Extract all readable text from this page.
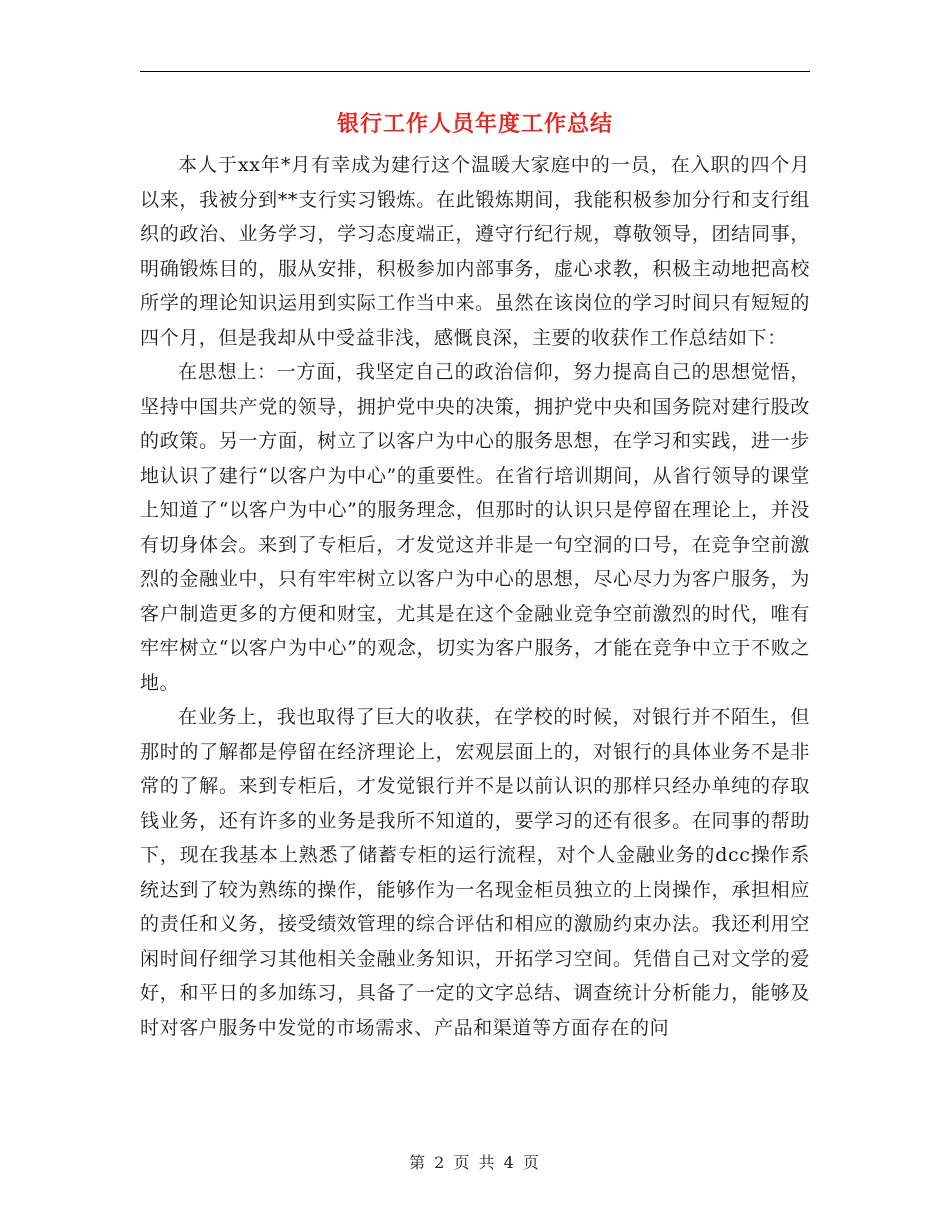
银行工作人员年度工作总结

本人于xx年*月有幸成为建行这个温暖大家庭中的一员，在入职的四个月以来，我被分到**支行实习锻炼。在此锻炼期间，我能积极参加分行和支行组织的政治、业务学习，学习态度端正，遵守行纪行规，尊敬领导，团结同事，明确锻炼目的，服从安排，积极参加内部事务，虚心求教，积极主动地把高校所学的理论知识运用到实际工作当中来。虽然在该岗位的学习时间只有短短的四个月，但是我却从中受益非浅，感慨良深，主要的收获作工作总结如下：

在思想上：一方面，我坚定自己的政治信仰，努力提高自己的思想觉悟，坚持中国共产党的领导，拥护党中央的决策，拥护党中央和国务院对建行股改的政策。另一方面，树立了以客户为中心的服务思想，在学习和实践，进一步地认识了建行“以客户为中心”的重要性。在省行培训期间，从省行领导的课堂上知道了“以客户为中心”的服务理念，但那时的认识只是停留在理论上，并没有切身体会。来到了专柜后，才发觉这并非是一句空洞的口号，在竞争空前激烈的金融业中，只有牢牢树立以客户为中心的思想，尽心尽力为客户服务，为客户制造更多的方便和财宝，尤其是在这个金融业竞争空前激烈的时代，唯有牢牢树立“以客户为中心”的观念，切实为客户服务，才能在竞争中立于不败之地。

在业务上，我也取得了巨大的收获，在学校的时候，对银行并不陌生，但那时的了解都是停留在经济理论上，宏观层面上的，对银行的具体业务不是非常的了解。来到专柜后，才发觉银行并不是以前认识的那样只经办单纯的存取钱业务，还有许多的业务是我所不知道的，要学习的还有很多。在同事的帮助下，现在我基本上熟悉了储蓄专柜的运行流程，对个人金融业务的dcc操作系统达到了较为熟练的操作，能够作为一名现金柜员独立的上岗操作，承担相应的责任和义务，接受绩效管理的综合评估和相应的激励约束办法。我还利用空闲时间仔细学习其他相关金融业务知识，开拓学习空间。凭借自己对文学的爱好，和平日的多加练习，具备了一定的文字总结、调查统计分析能力，能够及时对客户服务中发觉的市场需求、产品和渠道等方面存在的问

第 2 页 共 4 页
